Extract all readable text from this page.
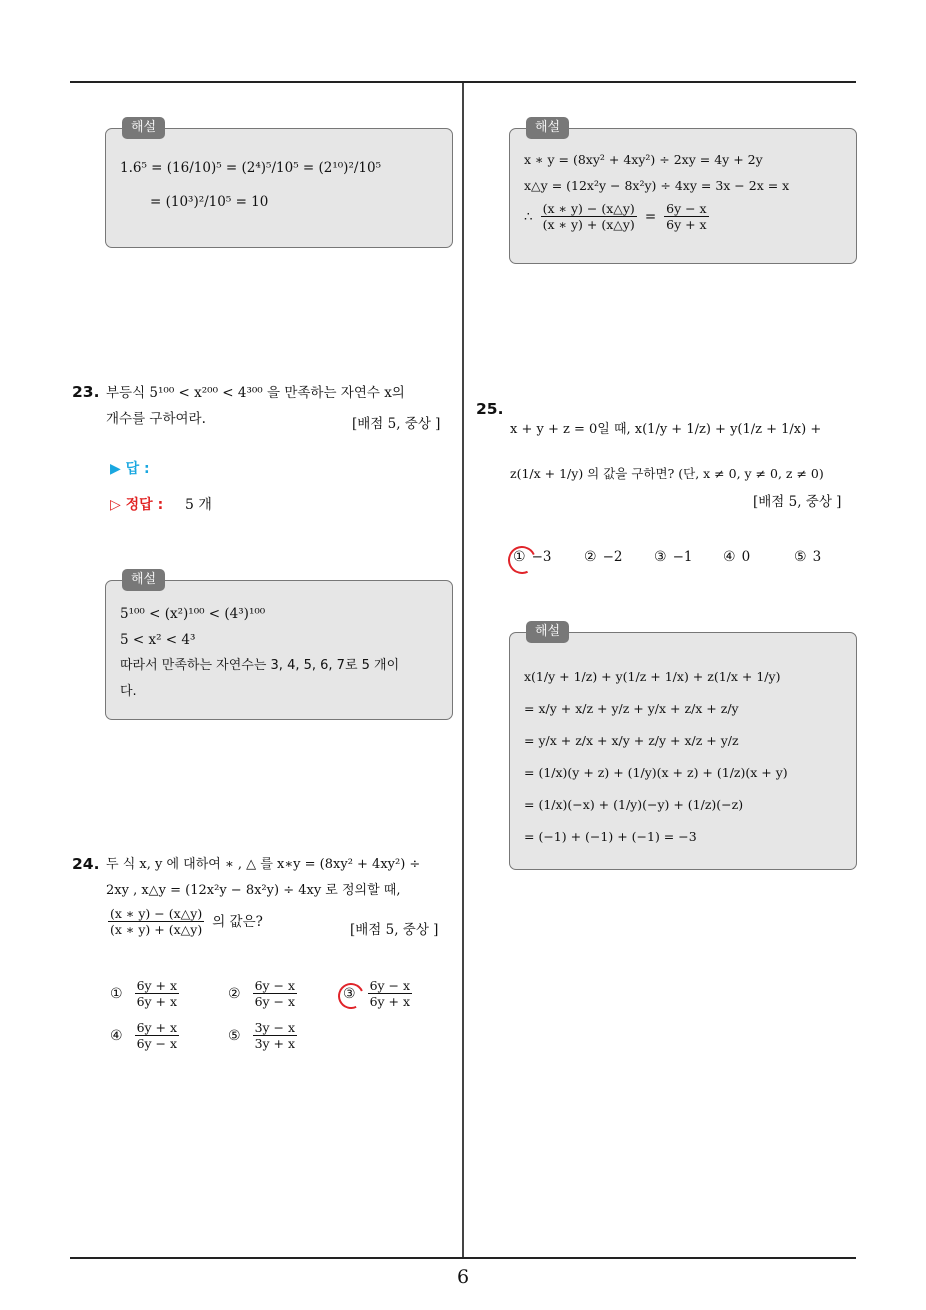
6
해설
1.6⁵ = (16/10)⁵ = (2⁴)⁵/10⁵ = (2¹⁰)²/10⁵
= (10³)²/10⁵ = 10
23. 부등식 5¹⁰⁰ < x²⁰⁰ < 4³⁰⁰ 을 만족하는 자연수 x의
개수를 구하여라.	[배점 5, 중상 ]
▶ 답 :
▷ 정답 : 5 개
해설
5¹⁰⁰ < (x²)¹⁰⁰ < (4³)¹⁰⁰
5 < x² < 4³
따라서 만족하는 자연수는 3, 4, 5, 6, 7로 5 개이
다.
24. 두 식 x, y 에 대하여 ∗ , △ 를 x∗y = (8xy² + 4xy²) ÷
2xy , x△y = (12x²y − 8x²y) ÷ 4xy 로 정의할 때,
$\frac{(x ∗ y) - (x\triangle y)}{(x ∗ y) + (x\triangle y)}$ 의 값은?
[배점 5, 중상 ]
① $\frac{6y + x}{6y + x}$	② $\frac{6y - x}{6y - x}$	③ $\frac{6y - x}{6y + x}$
④ $\frac{6y + x}{6y - x}$	⑤ $\frac{3y - x}{3y + x}$
해설
x ∗ y = (8xy² + 4xy²) ÷ 2xy = 4y + 2y
x△y = (12x²y − 8x²y) ÷ 4xy = 3x − 2x = x
∴ $\frac{(x ∗ y) - (x\triangle y)}{(x ∗ y) + (x\triangle y)} = \frac{6y - x}{6y + x}$
25.
x + y + z = 0일 때, x(1/y + 1/z) + y(1/z + 1/x) +
z(1/x + 1/y) 의 값을 구하면? (단, x ≠ 0, y ≠ 0, z ≠ 0)
[배점 5, 중상 ]
① −3 ② −2 ③ −1 ④ 0	⑤ 3
해설
x(1/y + 1/z) + y(1/z + 1/x) + z(1/x + 1/y)
= x/y + x/z + y/z + y/x + z/x + z/y
= y/x + z/x + x/y + z/y + x/z + y/z
= (1/x)(y + z) + (1/y)(x + z) + (1/z)(x + y)
= (1/x)(−x) + (1/y)(−y) + (1/z)(−z)
= (−1) + (−1) + (−1) = −3
